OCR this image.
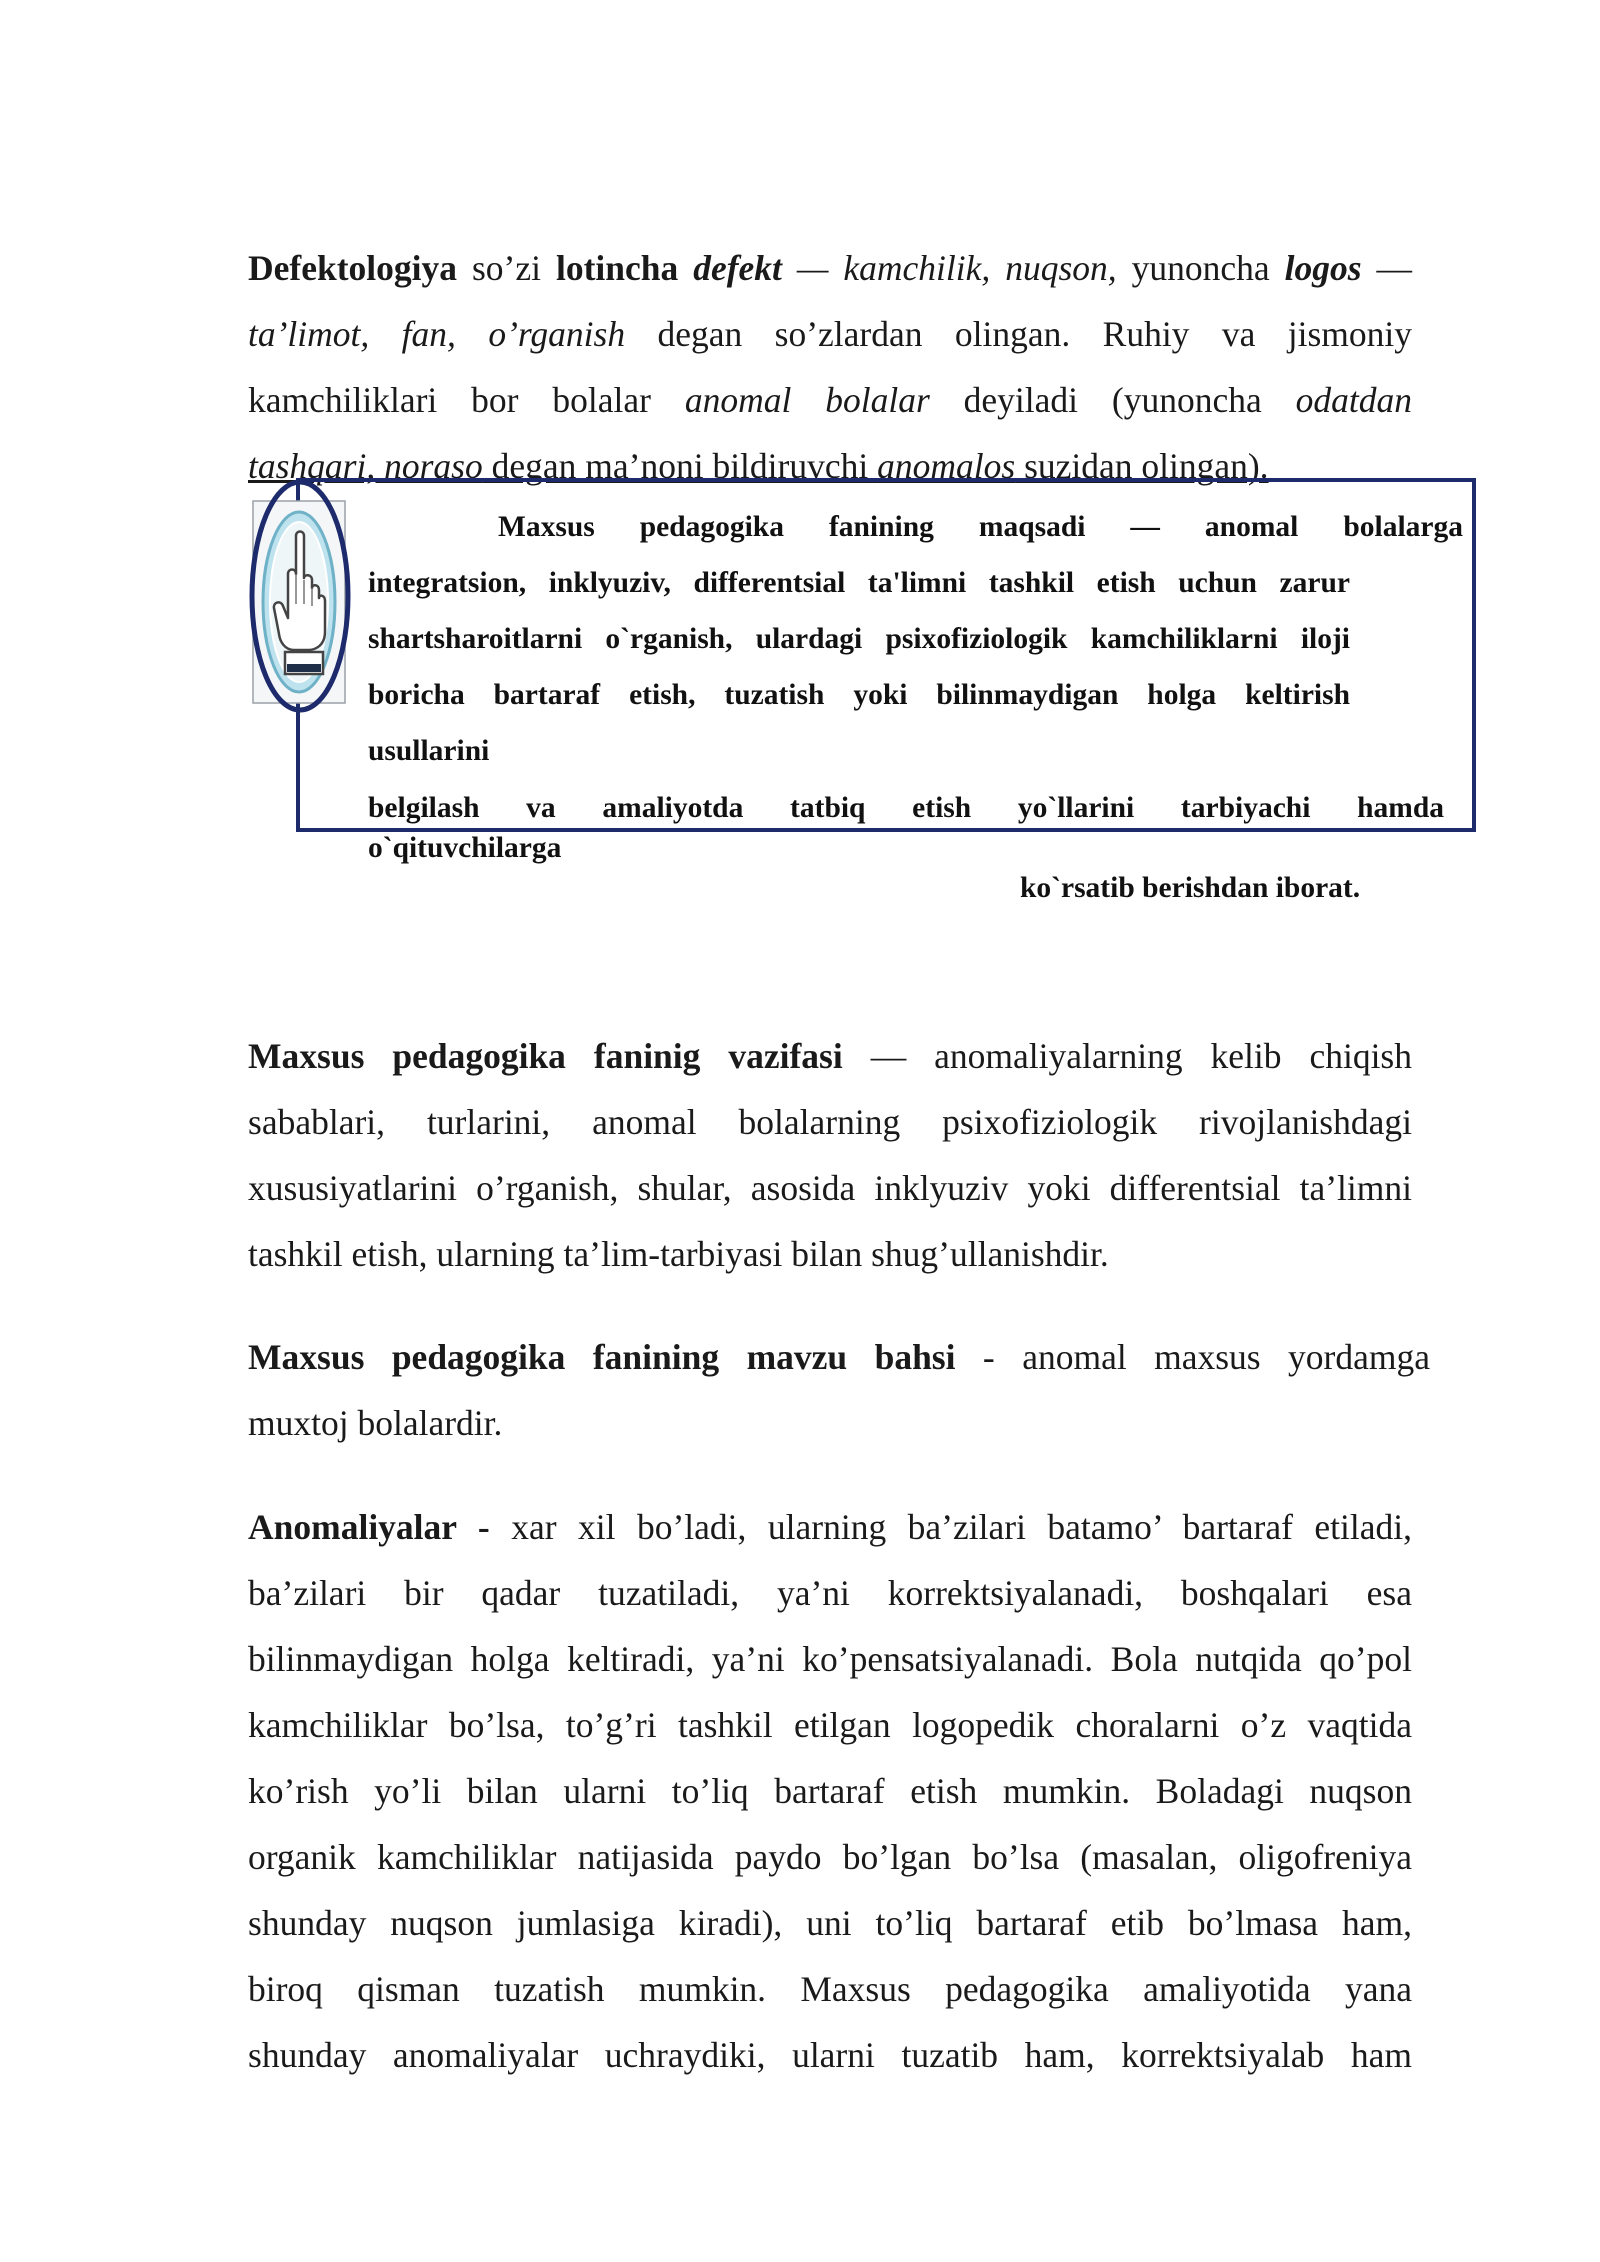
Defektologiya so’zi lotincha defekt — kamchilik, nuqson, yunoncha logos —
ta’limot, fan, o’rganish degan so’zlardan olingan. Ruhiy va jismoniy
kamchiliklari bor bolalar anomal bolalar deyiladi (yunoncha odatdan
tashqari, noraso degan ma’noni bildiruvchi anomalos suzidan olingan).
Maxsus pedagogika fanining maqsadi — anomal bolalarga
integratsion, inklyuziv, differentsial ta'limni tashkil etish uchun zarur
shartsharoitlarni o`rganish, ulardagi psixofiziologik kamchiliklarni iloji
boricha bartaraf etish, tuzatish yoki bilinmaydigan holga keltirish
usullarini
belgilash va amaliyotda tatbiq etish yo`llarini tarbiyachi hamda
o`qituvchilarga
ko`rsatib berishdan iborat.
Maxsus pedagogika faninig vazifasi — anomaliyalarning kelib chiqish
sabablari, turlarini, anomal bolalarning psixofiziologik rivojlanishdagi
xususiyatlarini o’rganish, shular, asosida inklyuziv yoki differentsial ta’limni
tashkil etish, ularning ta’lim-tarbiyasi bilan shug’ullanishdir.
Maxsus pedagogika fanining mavzu bahsi - anomal maxsus yordamga
muxtoj bolalardir.
Anomaliyalar - xar xil bo’ladi, ularning ba’zilari batamo’ bartaraf etiladi,
ba’zilari bir qadar tuzatiladi, ya’ni korrektsiyalanadi, boshqalari esa
bilinmaydigan holga keltiradi, ya’ni ko’pensatsiyalanadi. Bola nutqida qo’pol
kamchiliklar bo’lsa, to’g’ri tashkil etilgan logopedik choralarni o’z vaqtida
ko’rish yo’li bilan ularni to’liq bartaraf etish mumkin. Boladagi nuqson
organik kamchiliklar natijasida paydo bo’lgan bo’lsa (masalan, oligofreniya
shunday nuqson jumlasiga kiradi), uni to’liq bartaraf etib bo’lmasa ham,
biroq qisman tuzatish mumkin. Maxsus pedagogika amaliyotida yana
shunday anomaliyalar uchraydiki, ularni tuzatib ham, korrektsiyalab ham
